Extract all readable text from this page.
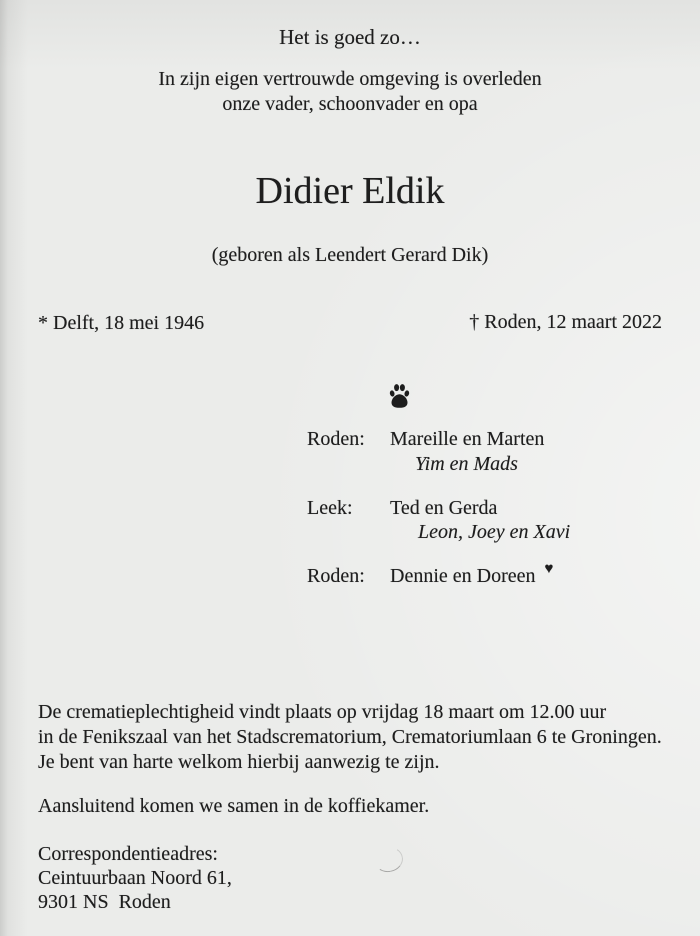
Het is goed zo…
In zijn eigen vertrouwde omgeving is overleden
onze vader, schoonvader en opa
Didier Eldik
(geboren als Leendert Gerard Dik)
* Delft, 18 mei 1946	† Roden, 12 maart 2022
Roden:	Mareille en Marten
Yim en Mads
Leek:	Ted en Gerda
Leon, Joey en Xavi
Roden:	Dennie en Doreen ♥
De crematieplechtigheid vindt plaats op vrijdag 18 maart om 12.00 uur
in de Fenikszaal van het Stadscrematorium, Crematoriumlaan 6 te Groningen.
Je bent van harte welkom hierbij aanwezig te zijn.
Aansluitend komen we samen in de koffiekamer.
Correspondentieadres:
Ceintuurbaan Noord 61,
9301 NS  Roden
